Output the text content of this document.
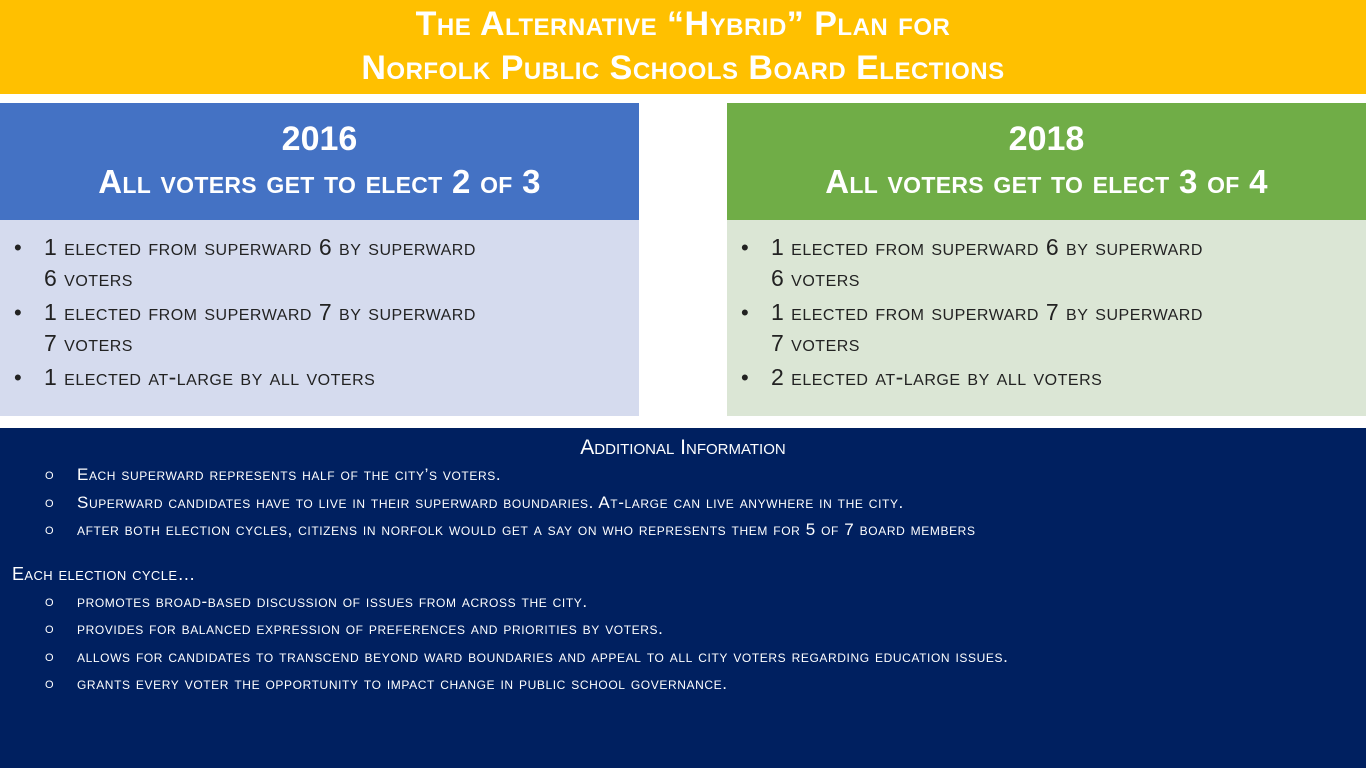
The Alternative “Hybrid” Plan for
Norfolk Public Schools Board Elections
2016
All voters get to elect 2 of 3
• 1 elected from superward 6 by superward 6 voters
• 1 elected from superward 7 by superward 7 voters
• 1 elected at-large by all voters
2018
All voters get to elect 3 of 4
• 1 elected from superward 6 by superward 6 voters
• 1 elected from superward 7 by superward 7 voters
• 2 elected at-large by all voters
Additional Information
o Each superward represents half of the city’s voters.
o Superward candidates have to live in their superward boundaries. At-large can live anywhere in the city.
o after both election cycles, citizens in norfolk would get a say on who represents them for 5 of 7 board members
Each election cycle…
o promotes broad-based discussion of issues from across the city.
o provides for balanced expression of preferences and priorities by voters.
o allows for candidates to transcend beyond ward boundaries and appeal to all city voters regarding education issues.
o grants every voter the opportunity to impact change in public school governance.
